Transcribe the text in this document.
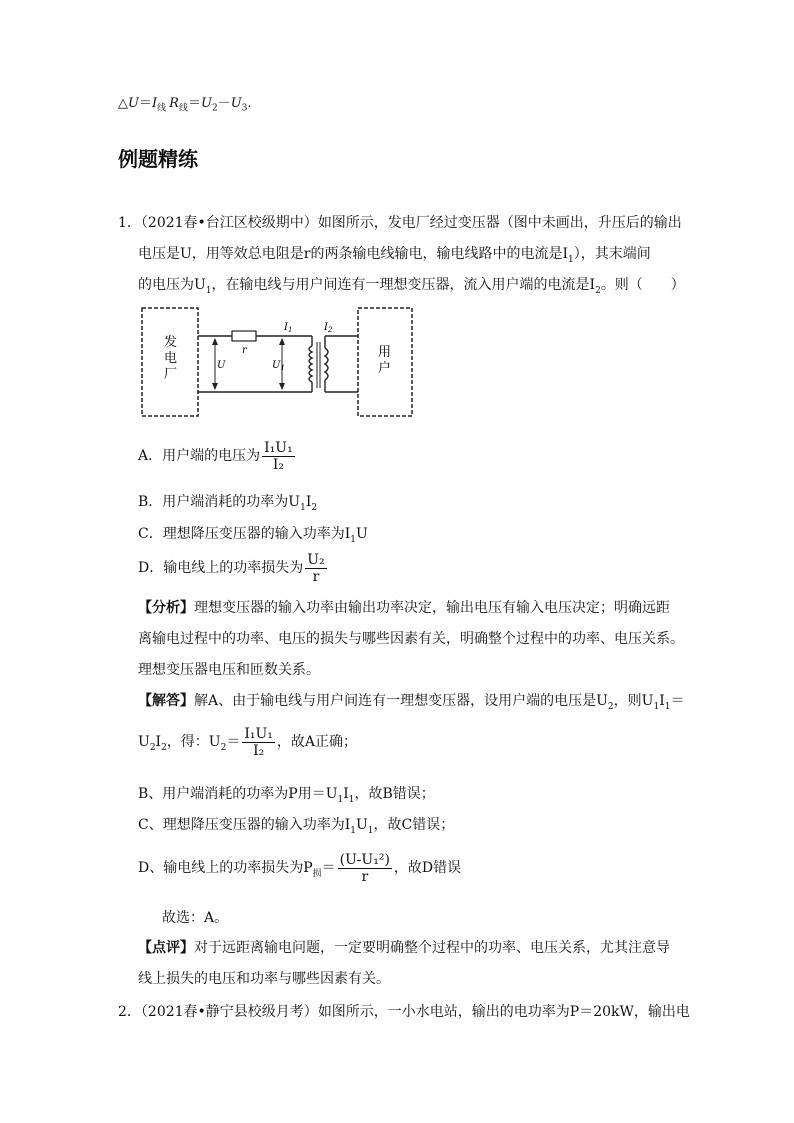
$\triangle U=I_线$ $R_线=U_2-U_3$.
例题精练
1．（2021春•台江区校级期中）如图所示，发电厂经过变压器（图中未画出，升压后的输出
电压是U，用等效总电阻是r的两条输电线输电，输电线路中的电流是$I_1$），其末端间
的电压为$U_1$，在输电线与用户间连有一理想变压器，流入用户端的电流是$I_2$。则（　　）
发
电
厂
用
户
r
U	$U_1$
$I_1$	$I_2$
A．用户端的电压为 $\frac{\text{I₁U₁}}{\text{I₂}}$
B．用户端消耗的功率为$U_1I_2$
C．理想降压变压器的输入功率为$I_1U$
D．输电线上的功率损失为 $\frac{\text{U₂}}{r}$
【分析】理想变压器的输入功率由输出功率决定，输出电压有输入电压决定；明确远距
离输电过程中的功率、电压的损失与哪些因素有关，明确整个过程中的功率、电压关系。
理想变压器电压和匝数关系。
【解答】解A、由于输电线与用户间连有一理想变压器，设用户端的电压是$U_2$，则$U_1I_1=$
$U_2I_2$，得：$U_2= \frac{\text{I₁U₁}}{\text{I₂}}$ ，故A正确；
B、用户端消耗的功率为P用$=U_1I_1$，故B错误；
C、理想降压变压器的输入功率为$I_1U_1$，故C错误；
D、输电线上的功率损失为$P_损= \frac{\text{(U-U₁²)}}{r}$ ，故D错误
故选：A。
【点评】对于远距离输电问题，一定要明确整个过程中的功率、电压关系，尤其注意导
线上损失的电压和功率与哪些因素有关。
2．（2021春•静宁县校级月考）如图所示，一小水电站，输出的电功率为P＝20kW，输出电
